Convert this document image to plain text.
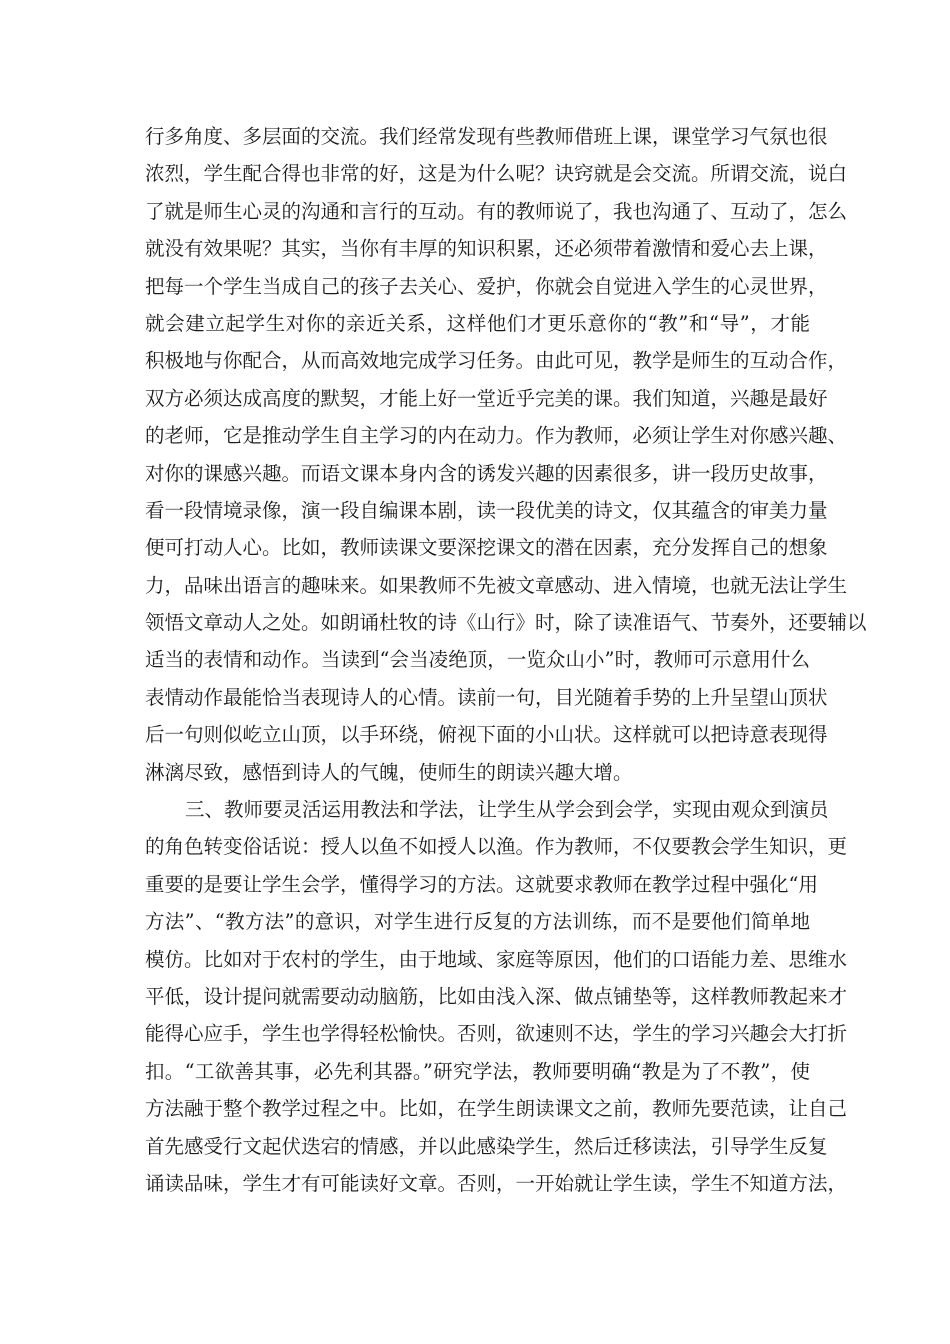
行多角度、多层面的交流。我们经常发现有些教师借班上课，课堂学习气氛也很
浓烈，学生配合得也非常的好，这是为什么呢？诀窍就是会交流。所谓交流，说白
了就是师生心灵的沟通和言行的互动。有的教师说了，我也沟通了、互动了，怎么
就没有效果呢？其实，当你有丰厚的知识积累，还必须带着激情和爱心去上课，
把每一个学生当成自己的孩子去关心、爱护，你就会自觉进入学生的心灵世界，
就会建立起学生对你的亲近关系，这样他们才更乐意你的“教”和“导”，才能
积极地与你配合，从而高效地完成学习任务。由此可见，教学是师生的互动合作，
双方必须达成高度的默契，才能上好一堂近乎完美的课。我们知道，兴趣是最好
的老师，它是推动学生自主学习的内在动力。作为教师，必须让学生对你感兴趣、
对你的课感兴趣。而语文课本身内含的诱发兴趣的因素很多，讲一段历史故事，
看一段情境录像，演一段自编课本剧，读一段优美的诗文，仅其蕴含的审美力量
便可打动人心。比如，教师读课文要深挖课文的潜在因素，充分发挥自己的想象
力，品味出语言的趣味来。如果教师不先被文章感动、进入情境，也就无法让学生
领悟文章动人之处。如朗诵杜牧的诗《山行》时，除了读准语气、节奏外，还要辅以
适当的表情和动作。当读到“会当凌绝顶，一览众山小”时，教师可示意用什么
表情动作最能恰当表现诗人的心情。读前一句，目光随着手势的上升呈望山顶状
后一句则似屹立山顶，以手环绕，俯视下面的小山状。这样就可以把诗意表现得
淋漓尽致，感悟到诗人的气魄，使师生的朗读兴趣大增。
三、教师要灵活运用教法和学法，让学生从学会到会学，实现由观众到演员
的角色转变俗话说：授人以鱼不如授人以渔。作为教师，不仅要教会学生知识，更
重要的是要让学生会学，懂得学习的方法。这就要求教师在教学过程中强化“用
方法”、“教方法”的意识，对学生进行反复的方法训练，而不是要他们简单地
模仿。比如对于农村的学生，由于地域、家庭等原因，他们的口语能力差、思维水
平低，设计提问就需要动动脑筋，比如由浅入深、做点铺垫等，这样教师教起来才
能得心应手，学生也学得轻松愉快。否则，欲速则不达，学生的学习兴趣会大打折
扣。“工欲善其事，必先利其器。”研究学法，教师要明确“教是为了不教”，使
方法融于整个教学过程之中。比如，在学生朗读课文之前，教师先要范读，让自己
首先感受行文起伏迭宕的情感，并以此感染学生，然后迁移读法，引导学生反复
诵读品味，学生才有可能读好文章。否则，一开始就让学生读，学生不知道方法，
